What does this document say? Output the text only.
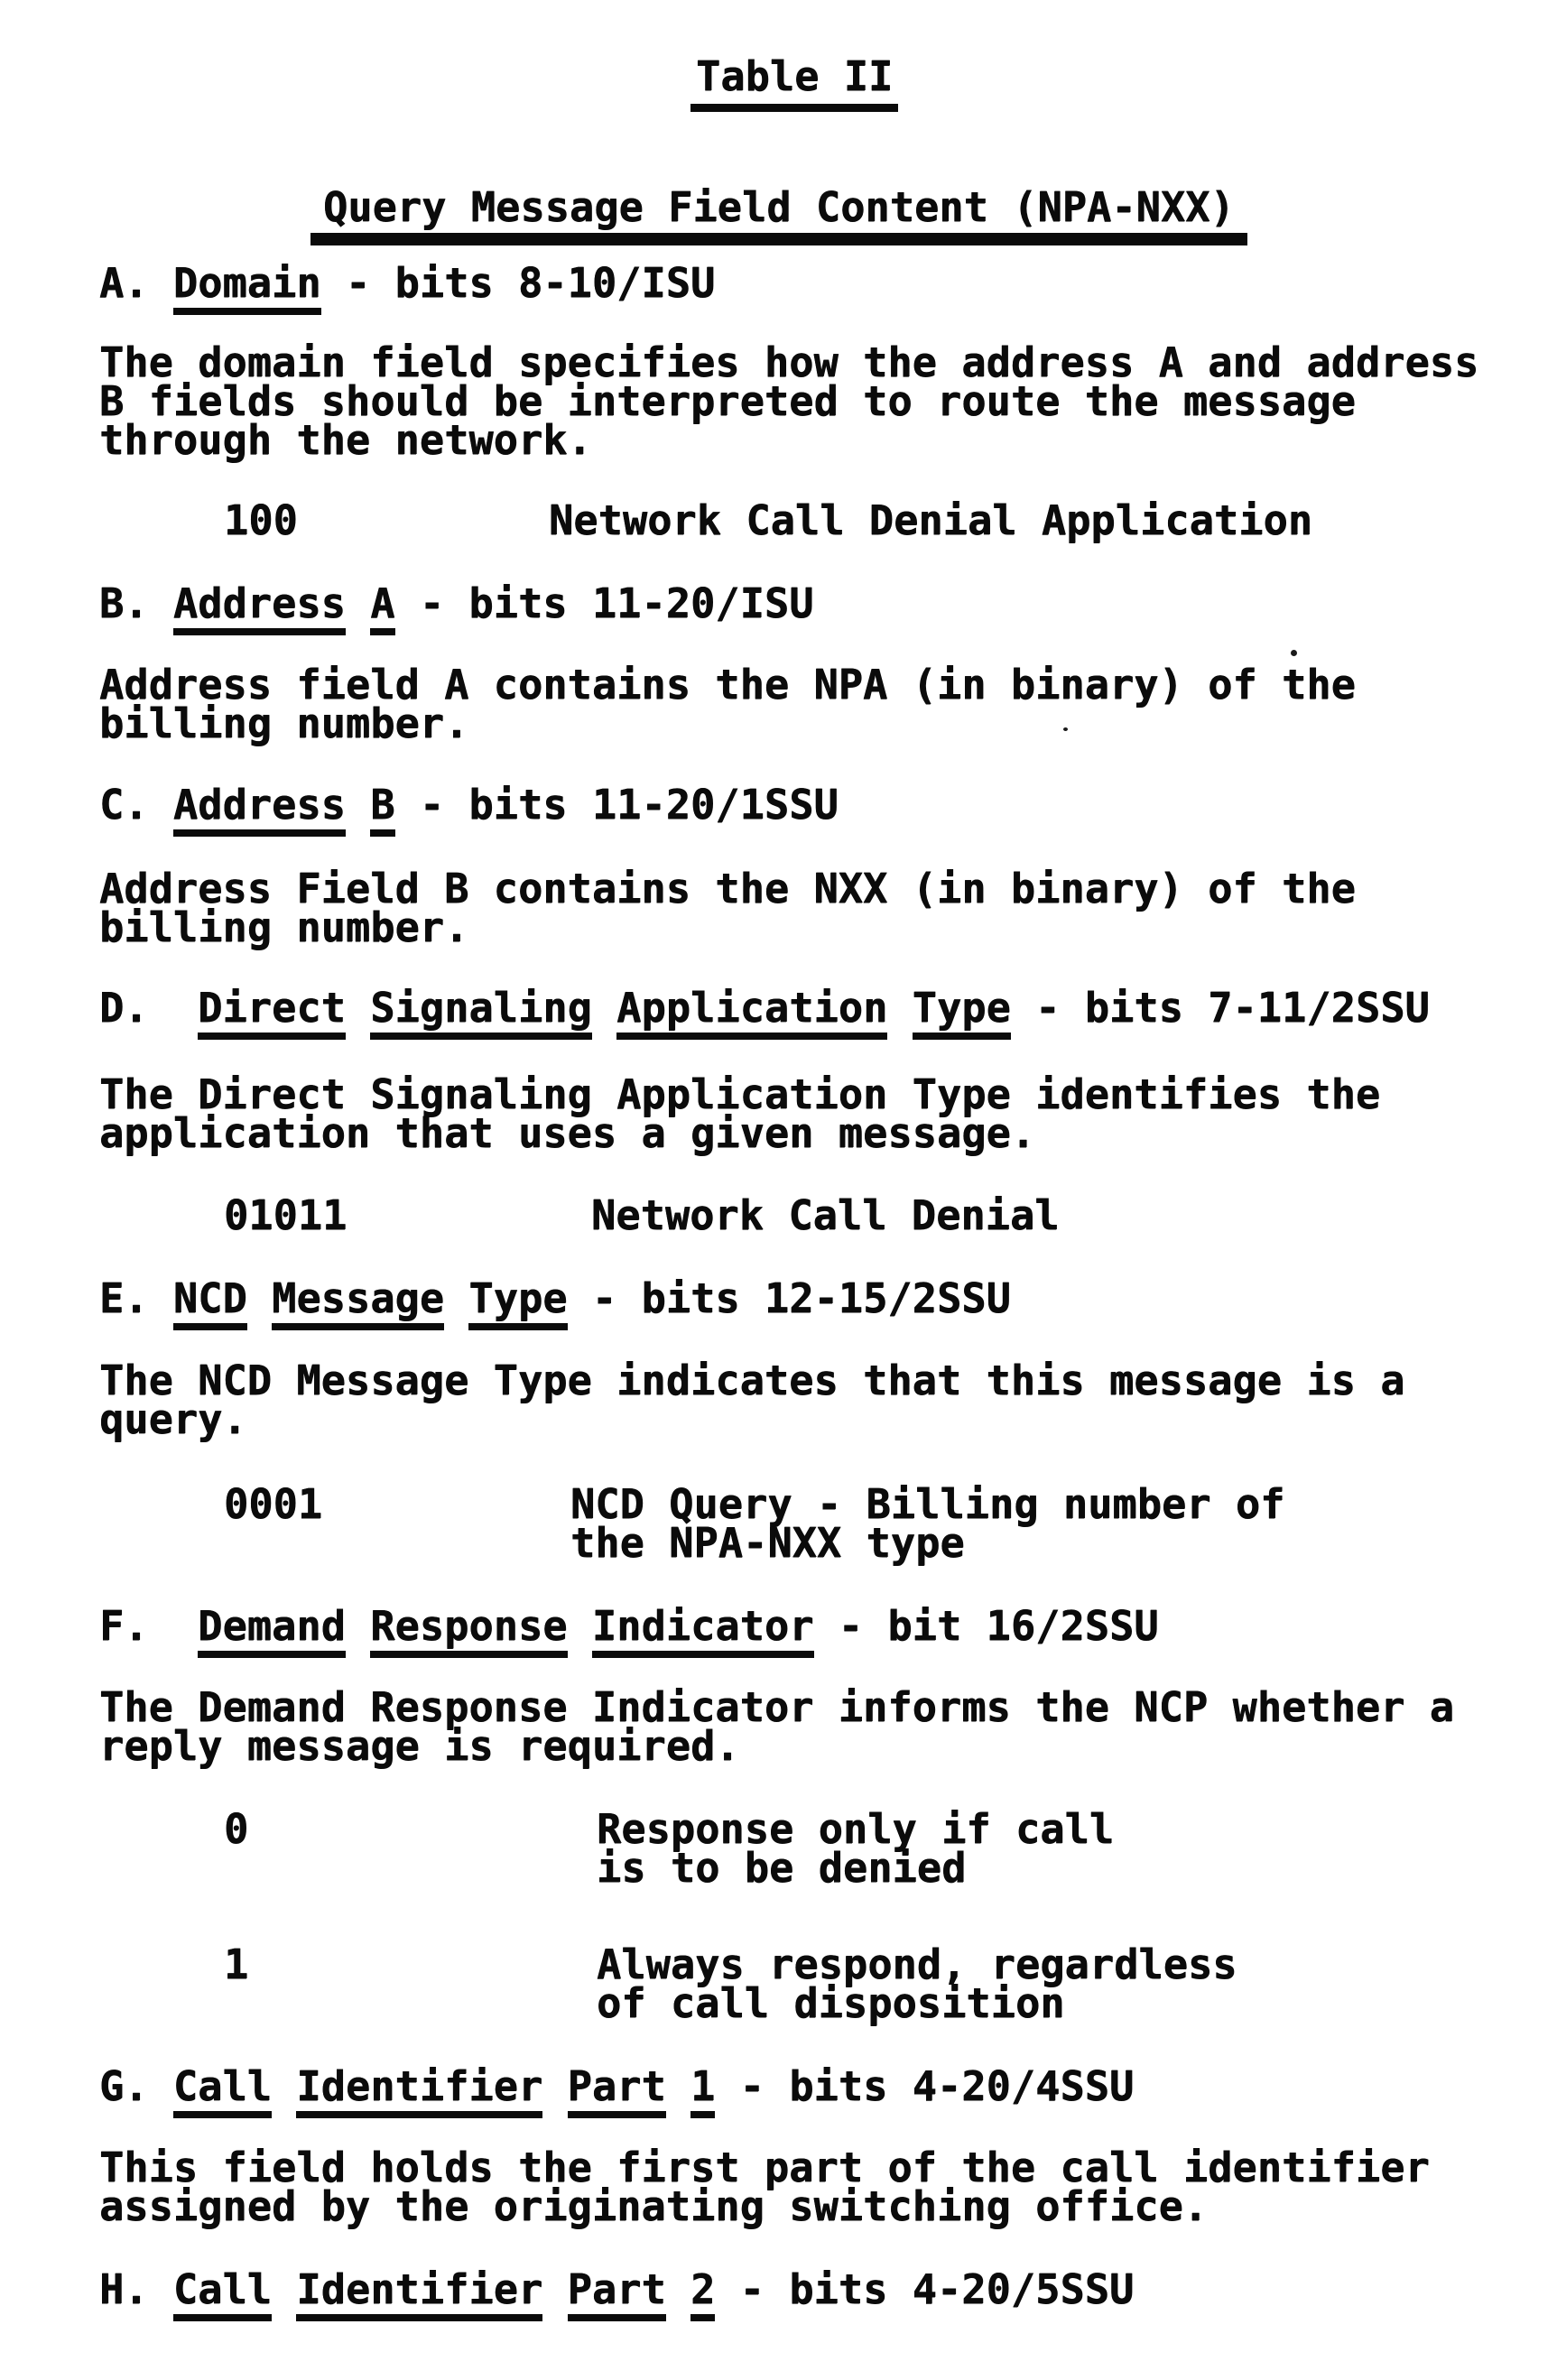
Table II
Query Message Field Content (NPA-NXX)
A. Domain - bits 8-10/ISU
The domain field specifies how the address A and address
B fields should be interpreted to route the message
through the network.
100	Network Call Denial Application
B. Address A - bits 11-20/ISU
Address field A contains the NPA (in binary) of the
billing number.
C. Address B - bits 11-20/1SSU
Address Field B contains the NXX (in binary) of the
billing number.
D.  Direct Signaling Application Type - bits 7-11/2SSU
The Direct Signaling Application Type identifies the
application that uses a given message.
01011	Network Call Denial
E. NCD Message Type - bits 12-15/2SSU
The NCD Message Type indicates that this message is a
query.
0001	NCD Query - Billing number of
the NPA-NXX type
F.  Demand Response Indicator - bit 16/2SSU
The Demand Response Indicator informs the NCP whether a
reply message is required.
0	Response only if call
is to be denied
1	Always respond, regardless
of call disposition
G. Call Identifier Part 1 - bits 4-20/4SSU
This field holds the first part of the call identifier
assigned by the originating switching office.
H. Call Identifier Part 2 - bits 4-20/5SSU
